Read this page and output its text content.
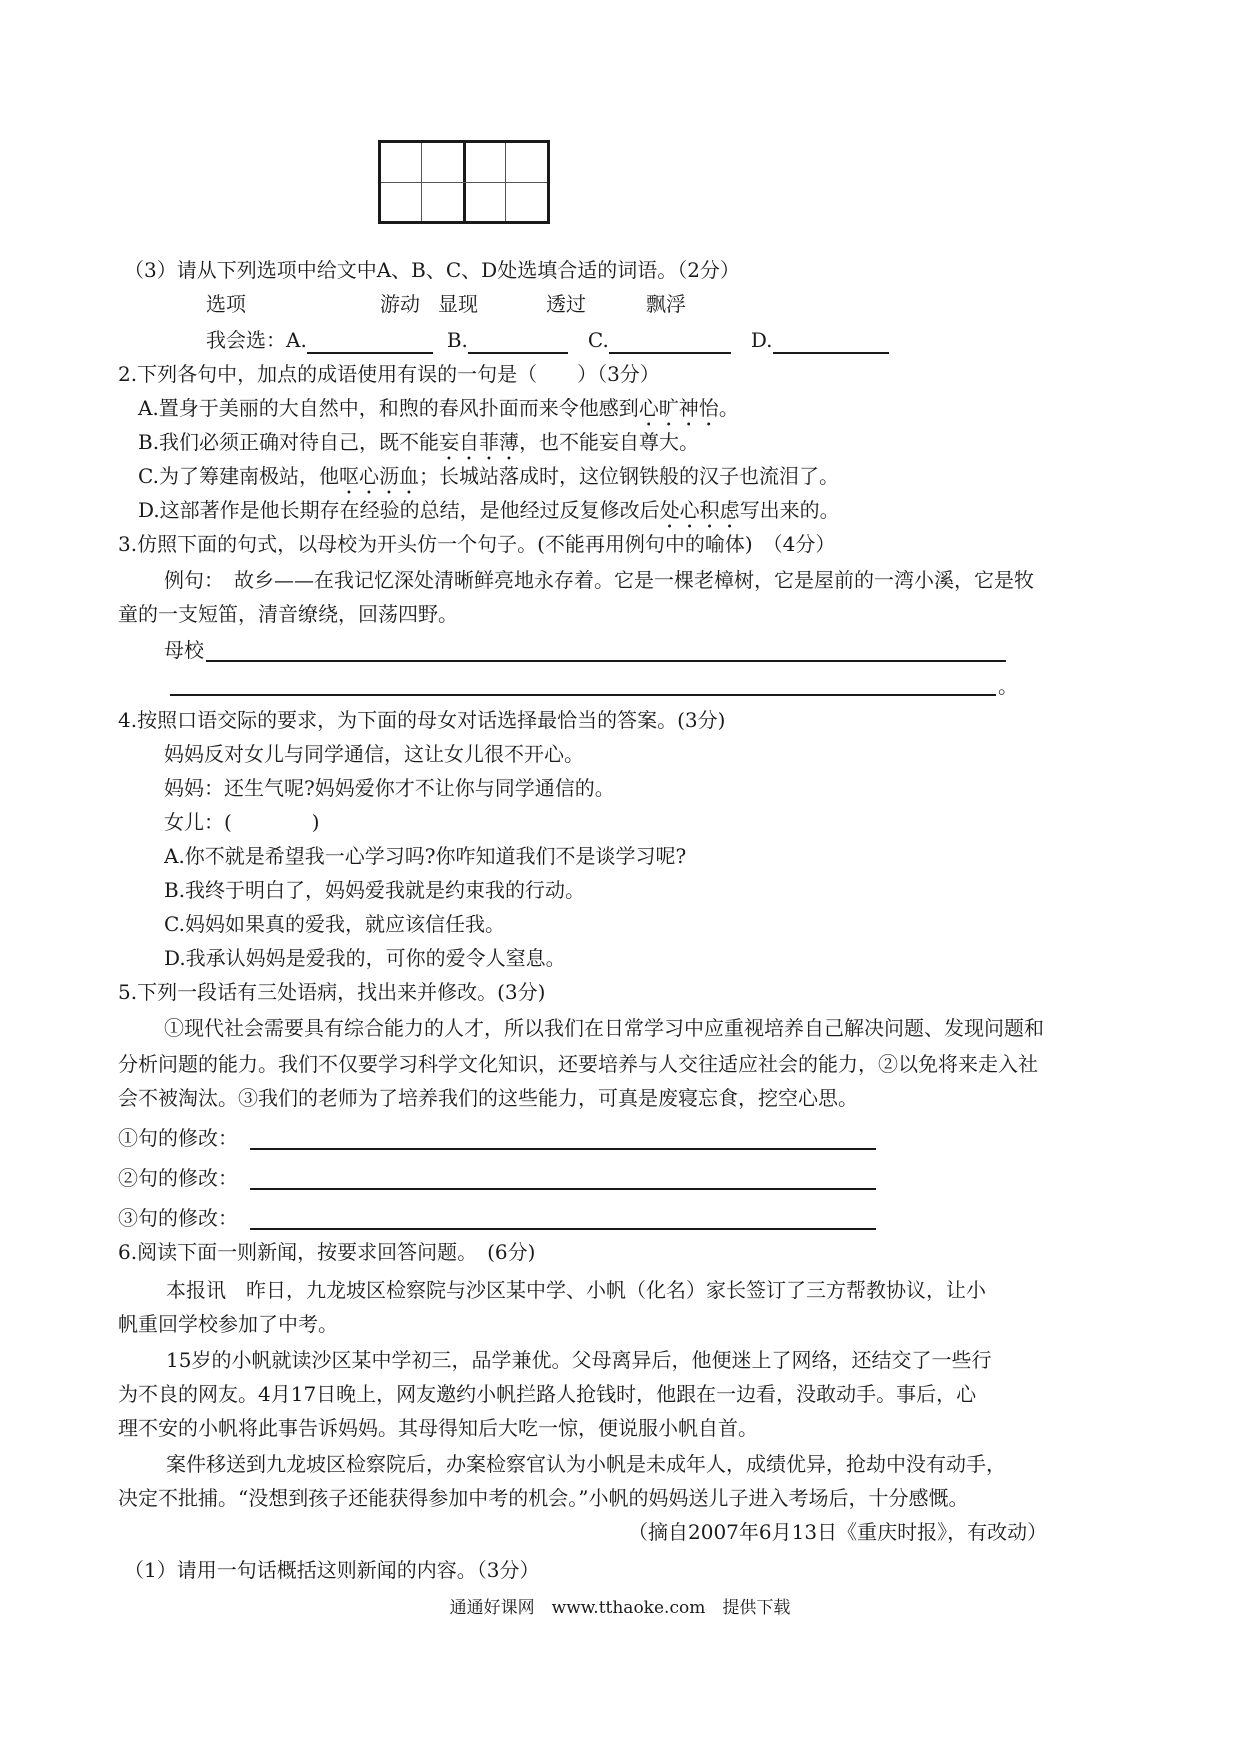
（3）请从下列选项中给文中A、B、C、D处选填合适的词语。（2分）
选项	游动 显现	透过	飘浮
我会选：A.	B.	C.	D.
2.下列各句中，加点的成语使用有误的一句是（　　）（3分）
A.置身于美丽的大自然中，和煦的春风扑面而来令他感到心旷神怡。
B.我们必须正确对待自己，既不能妄自菲薄，也不能妄自尊大。
C.为了筹建南极站，他呕心沥血；长城站落成时，这位钢铁般的汉子也流泪了。
D.这部著作是他长期存在经验的总结，是他经过反复修改后处心积虑写出来的。
3.仿照下面的句式，以母校为开头仿一个句子。(不能再用例句中的喻体)　（4分）
例句：　故乡——在我记忆深处清晰鲜亮地永存着。它是一棵老樟树，它是屋前的一湾小溪，它是牧
童的一支短笛，清音缭绕，回荡四野。
母校
。
4.按照口语交际的要求，为下面的母女对话选择最恰当的答案。(3分)
妈妈反对女儿与同学通信，这让女儿很不开心。
妈妈：还生气呢?妈妈爱你才不让你与同学通信的。
女儿：(　　　　)
A.你不就是希望我一心学习吗?你咋知道我们不是谈学习呢?
B.我终于明白了，妈妈爱我就是约束我的行动。
C.妈妈如果真的爱我，就应该信任我。
D.我承认妈妈是爱我的，可你的爱令人窒息。
5.下列一段话有三处语病，找出来并修改。(3分)
①现代社会需要具有综合能力的人才，所以我们在日常学习中应重视培养自己解决问题、发现问题和
分析问题的能力。我们不仅要学习科学文化知识，还要培养与人交往适应社会的能力，②以免将来走入社
会不被淘汰。③我们的老师为了培养我们的这些能力，可真是废寝忘食，挖空心思。
①句的修改：
②句的修改：
③句的修改：
6.阅读下面一则新闻，按要求回答问题。　(6分)
本报讯　昨日，九龙坡区检察院与沙区某中学、小帆（化名）家长签订了三方帮教协议，让小
帆重回学校参加了中考。
15岁的小帆就读沙区某中学初三，品学兼优。父母离异后，他便迷上了网络，还结交了一些行
为不良的网友。4月17日晚上，网友邀约小帆拦路人抢钱时，他跟在一边看，没敢动手。事后，心
理不安的小帆将此事告诉妈妈。其母得知后大吃一惊，便说服小帆自首。
案件移送到九龙坡区检察院后，办案检察官认为小帆是未成年人，成绩优异，抢劫中没有动手，
决定不批捕。“没想到孩子还能获得参加中考的机会。”小帆的妈妈送儿子进入考场后，十分感慨。
（摘自2007年6月13日《重庆时报》，有改动）
（1）请用一句话概括这则新闻的内容。（3分）
通通好课网　www.tthaoke.com　提供下载
